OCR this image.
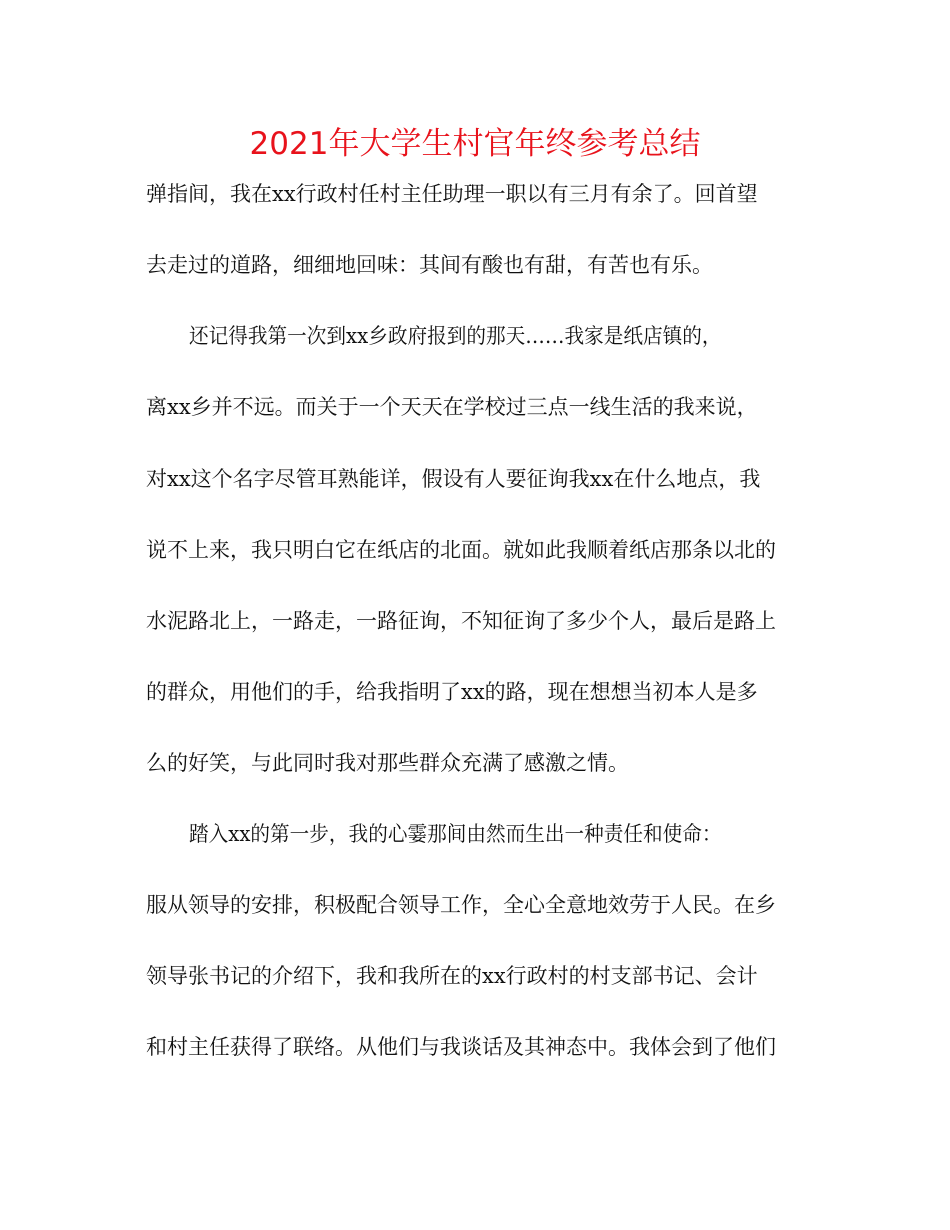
2021年大学生村官年终参考总结

弹指间，我在xx行政村任村主任助理一职以有三月有余了。回首望

去走过的道路，细细地回味：其间有酸也有甜，有苦也有乐。

还记得我第一次到xx乡政府报到的那天……我家是纸店镇的，

离xx乡并不远。而关于一个天天在学校过三点一线生活的我来说，

对xx这个名字尽管耳熟能详，假设有人要征询我xx在什么地点，我

说不上来，我只明白它在纸店的北面。就如此我顺着纸店那条以北的

水泥路北上，一路走，一路征询，不知征询了多少个人，最后是路上

的群众，用他们的手，给我指明了xx的路，现在想想当初本人是多

么的好笑，与此同时我对那些群众充满了感激之情。

踏入xx的第一步，我的心霎那间由然而生出一种责任和使命：

服从领导的安排，积极配合领导工作，全心全意地效劳于人民。在乡

领导张书记的介绍下，我和我所在的xx行政村的村支部书记、会计

和村主任获得了联络。从他们与我谈话及其神态中。我体会到了他们
